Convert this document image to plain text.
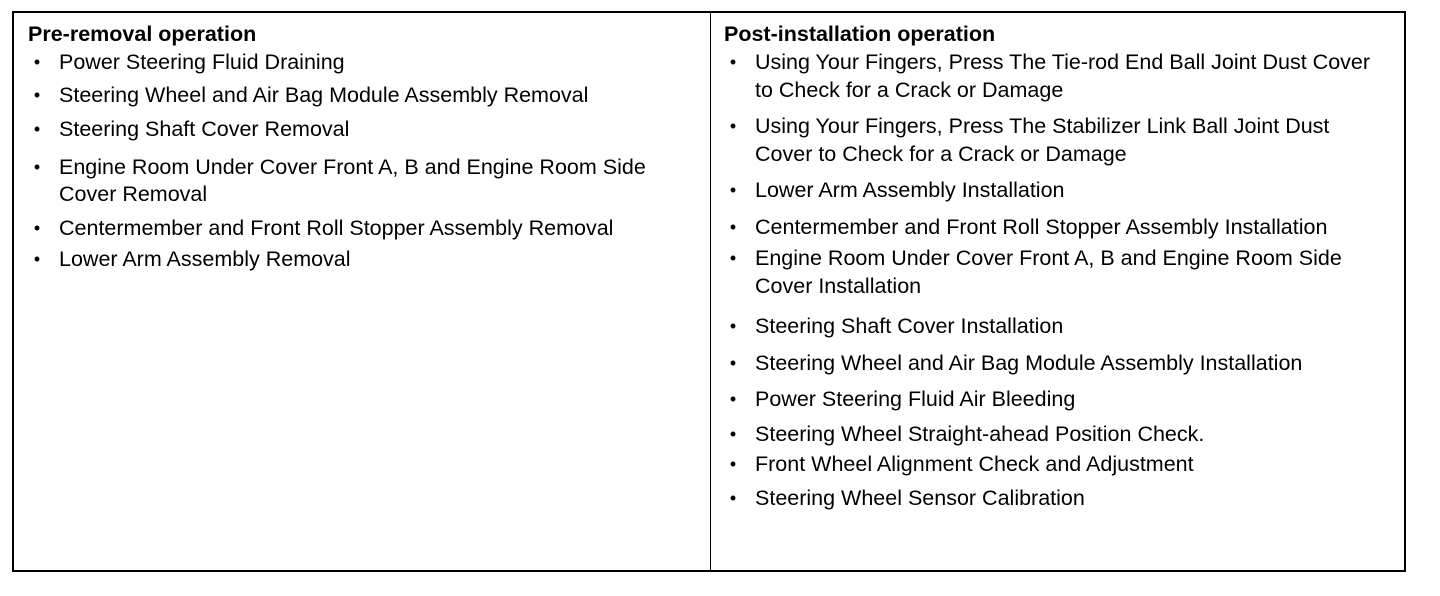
Pre-removal operation
• Power Steering Fluid Draining
• Steering Wheel and Air Bag Module Assembly Removal
• Steering Shaft Cover Removal
• Engine Room Under Cover Front A, B and Engine Room Side Cover Removal
• Centermember and Front Roll Stopper Assembly Removal
• Lower Arm Assembly Removal
Post-installation operation
• Using Your Fingers, Press The Tie-rod End Ball Joint Dust Cover to Check for a Crack or Damage
• Using Your Fingers, Press The Stabilizer Link Ball Joint Dust Cover to Check for a Crack or Damage
• Lower Arm Assembly Installation
• Centermember and Front Roll Stopper Assembly Installation
• Engine Room Under Cover Front A, B and Engine Room Side Cover Installation
• Steering Shaft Cover Installation
• Steering Wheel and Air Bag Module Assembly Installation
• Power Steering Fluid Air Bleeding
• Steering Wheel Straight-ahead Position Check.
• Front Wheel Alignment Check and Adjustment
• Steering Wheel Sensor Calibration
